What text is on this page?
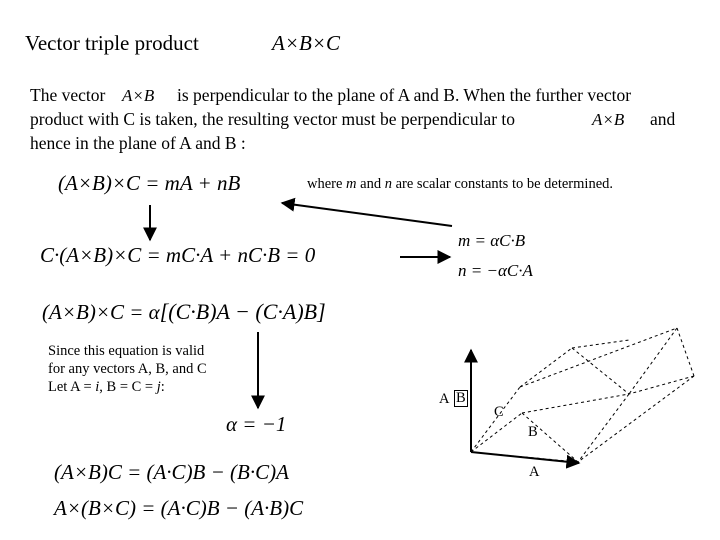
Vector triple product	A×B×C
The vector A×B is perpendicular to the plane of A and B. When the further vector
product with C is taken, the resulting vector must be perpendicular to	A×B and
hence in the plane of A and B :
(A×B)×C = mA + nB	where m and n are scalar constants to be determined.
C·(A×B)×C = mC·A + nC·B = 0
m = αC·B
n = −αC·A
(A×B)×C = α[(C·B)A − (C·A)B]
Since this equation is valid
for any vectors A, B, and C
Let A = i, B = C = j:
α = −1
(A×B)C = (A·C)B − (B·C)A
A×(B×C) = (A·C)B − (A·B)C
A B
C
B
A
